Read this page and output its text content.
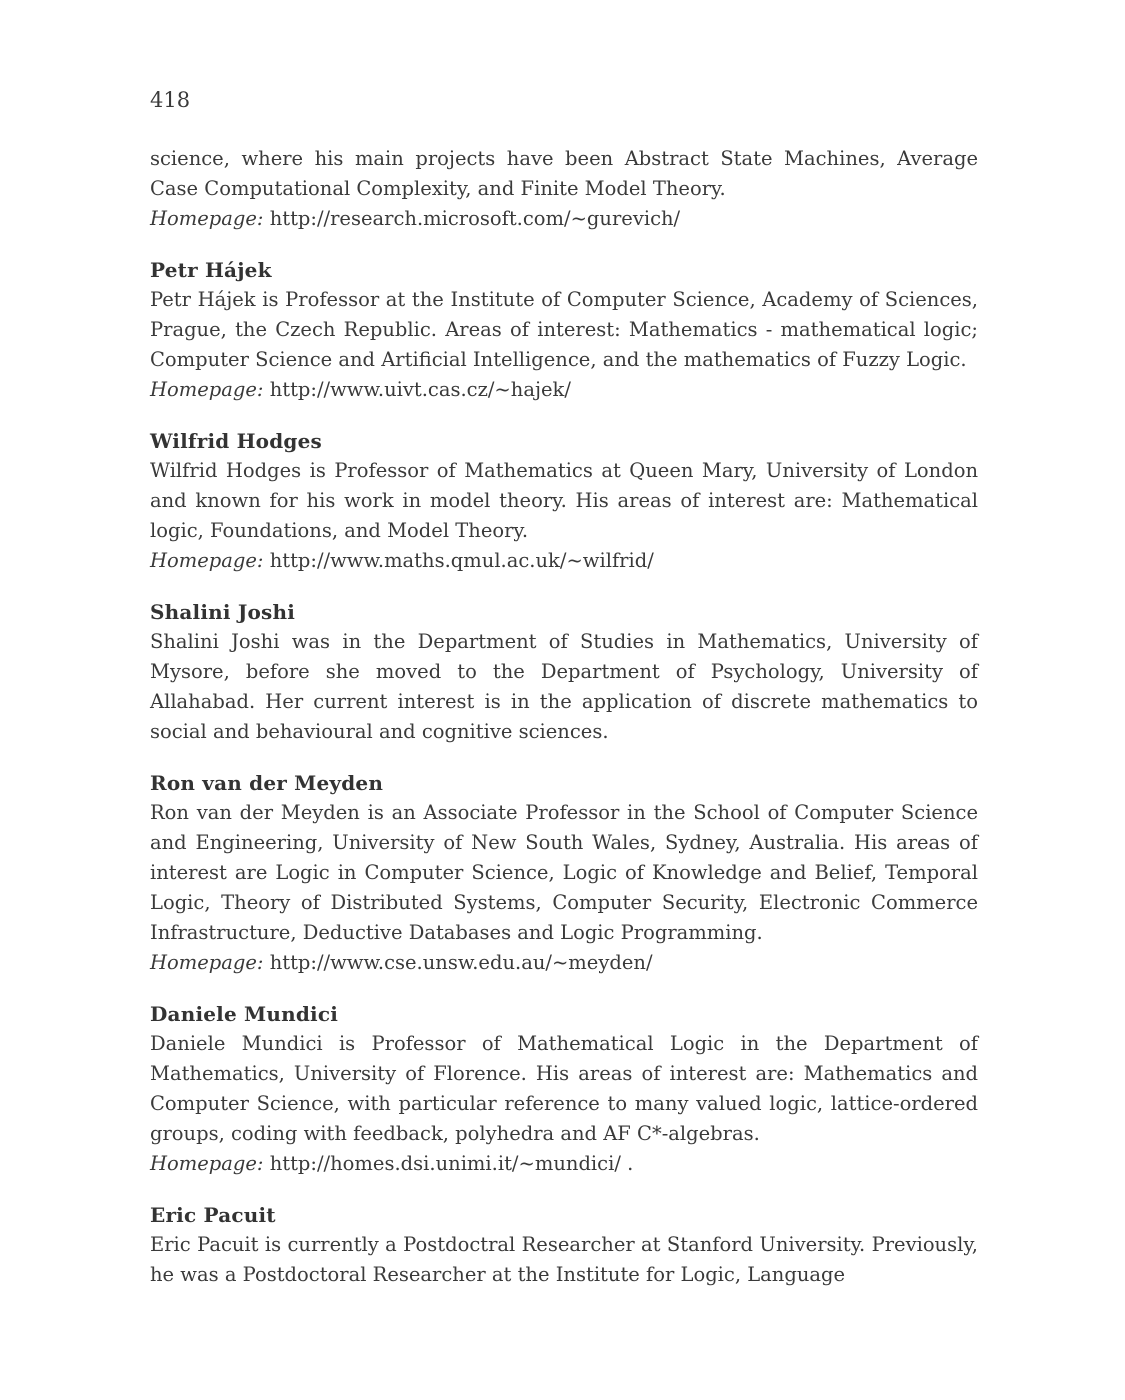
418

science, where his main projects have been Abstract State Machines, Average Case Computational Complexity, and Finite Model Theory.

Homepage: http://research.microsoft.com/~gurevich/

Petr Hájek

Petr Hájek is Professor at the Institute of Computer Science, Academy of Sciences, Prague, the Czech Republic. Areas of interest: Mathematics - mathematical logic; Computer Science and Artificial Intelligence, and the mathematics of Fuzzy Logic.

Homepage: http://www.uivt.cas.cz/~hajek/

Wilfrid Hodges

Wilfrid Hodges is Professor of Mathematics at Queen Mary, University of London and known for his work in model theory. His areas of interest are: Mathematical logic, Foundations, and Model Theory.

Homepage: http://www.maths.qmul.ac.uk/~wilfrid/

Shalini Joshi

Shalini Joshi was in the Department of Studies in Mathematics, University of Mysore, before she moved to the Department of Psychology, University of Allahabad. Her current interest is in the application of discrete mathematics to social and behavioural and cognitive sciences.

Ron van der Meyden

Ron van der Meyden is an Associate Professor in the School of Computer Science and Engineering, University of New South Wales, Sydney, Australia. His areas of interest are Logic in Computer Science, Logic of Knowledge and Belief, Temporal Logic, Theory of Distributed Systems, Computer Security, Electronic Commerce Infrastructure, Deductive Databases and Logic Programming.

Homepage: http://www.cse.unsw.edu.au/~meyden/

Daniele Mundici

Daniele Mundici is Professor of Mathematical Logic in the Department of Mathematics, University of Florence. His areas of interest are: Mathematics and Computer Science, with particular reference to many valued logic, lattice-ordered groups, coding with feedback, polyhedra and AF C*-algebras.

Homepage: http://homes.dsi.unimi.it/~mundici/ .

Eric Pacuit

Eric Pacuit is currently a Postdoctral Researcher at Stanford University. Previously, he was a Postdoctoral Researcher at the Institute for Logic, Language
